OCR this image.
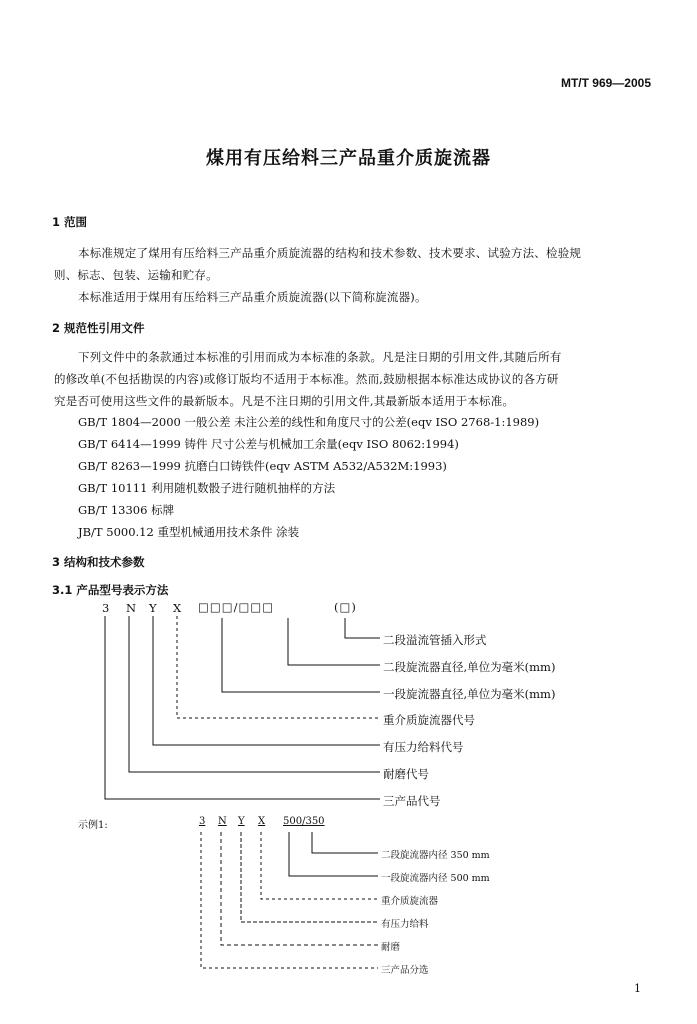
MT/T 969—2005
煤用有压给料三产品重介质旋流器
1 范围
本标准规定了煤用有压给料三产品重介质旋流器的结构和技术参数、技术要求、试验方法、检验规
则、标志、包装、运输和贮存。
本标准适用于煤用有压给料三产品重介质旋流器(以下简称旋流器)。
2 规范性引用文件
下列文件中的条款通过本标准的引用而成为本标准的条款。凡是注日期的引用文件,其随后所有
的修改单(不包括勘误的内容)或修订版均不适用于本标准。然而,鼓励根据本标准达成协议的各方研
究是否可使用这些文件的最新版本。凡是不注日期的引用文件,其最新版本适用于本标准。
GB/T 1804—2000 一般公差 未注公差的线性和角度尺寸的公差(eqv ISO 2768-1:1989)
GB/T 6414—1999 铸件 尺寸公差与机械加工余量(eqv ISO 8062:1994)
GB/T 8263—1999 抗磨白口铸铁件(eqv ASTM A532/A532M:1993)
GB/T 10111 利用随机数骰子进行随机抽样的方法
GB/T 13306 标牌
JB/T 5000.12 重型机械通用技术条件 涂装
3 结构和技术参数
3.1 产品型号表示方法
3 N Y X □□□/□□□	(□)
二段溢流管插入形式
二段旋流器直径,单位为毫米(mm)
一段旋流器直径,单位为毫米(mm)
重介质旋流器代号
有压力给料代号
耐磨代号
三产品代号
示例1:	3 N Y X 500/350
二段旋流器内径 350 mm
一段旋流器内径 500 mm
重介质旋流器
有压力给料
耐磨
三产品分选
1
